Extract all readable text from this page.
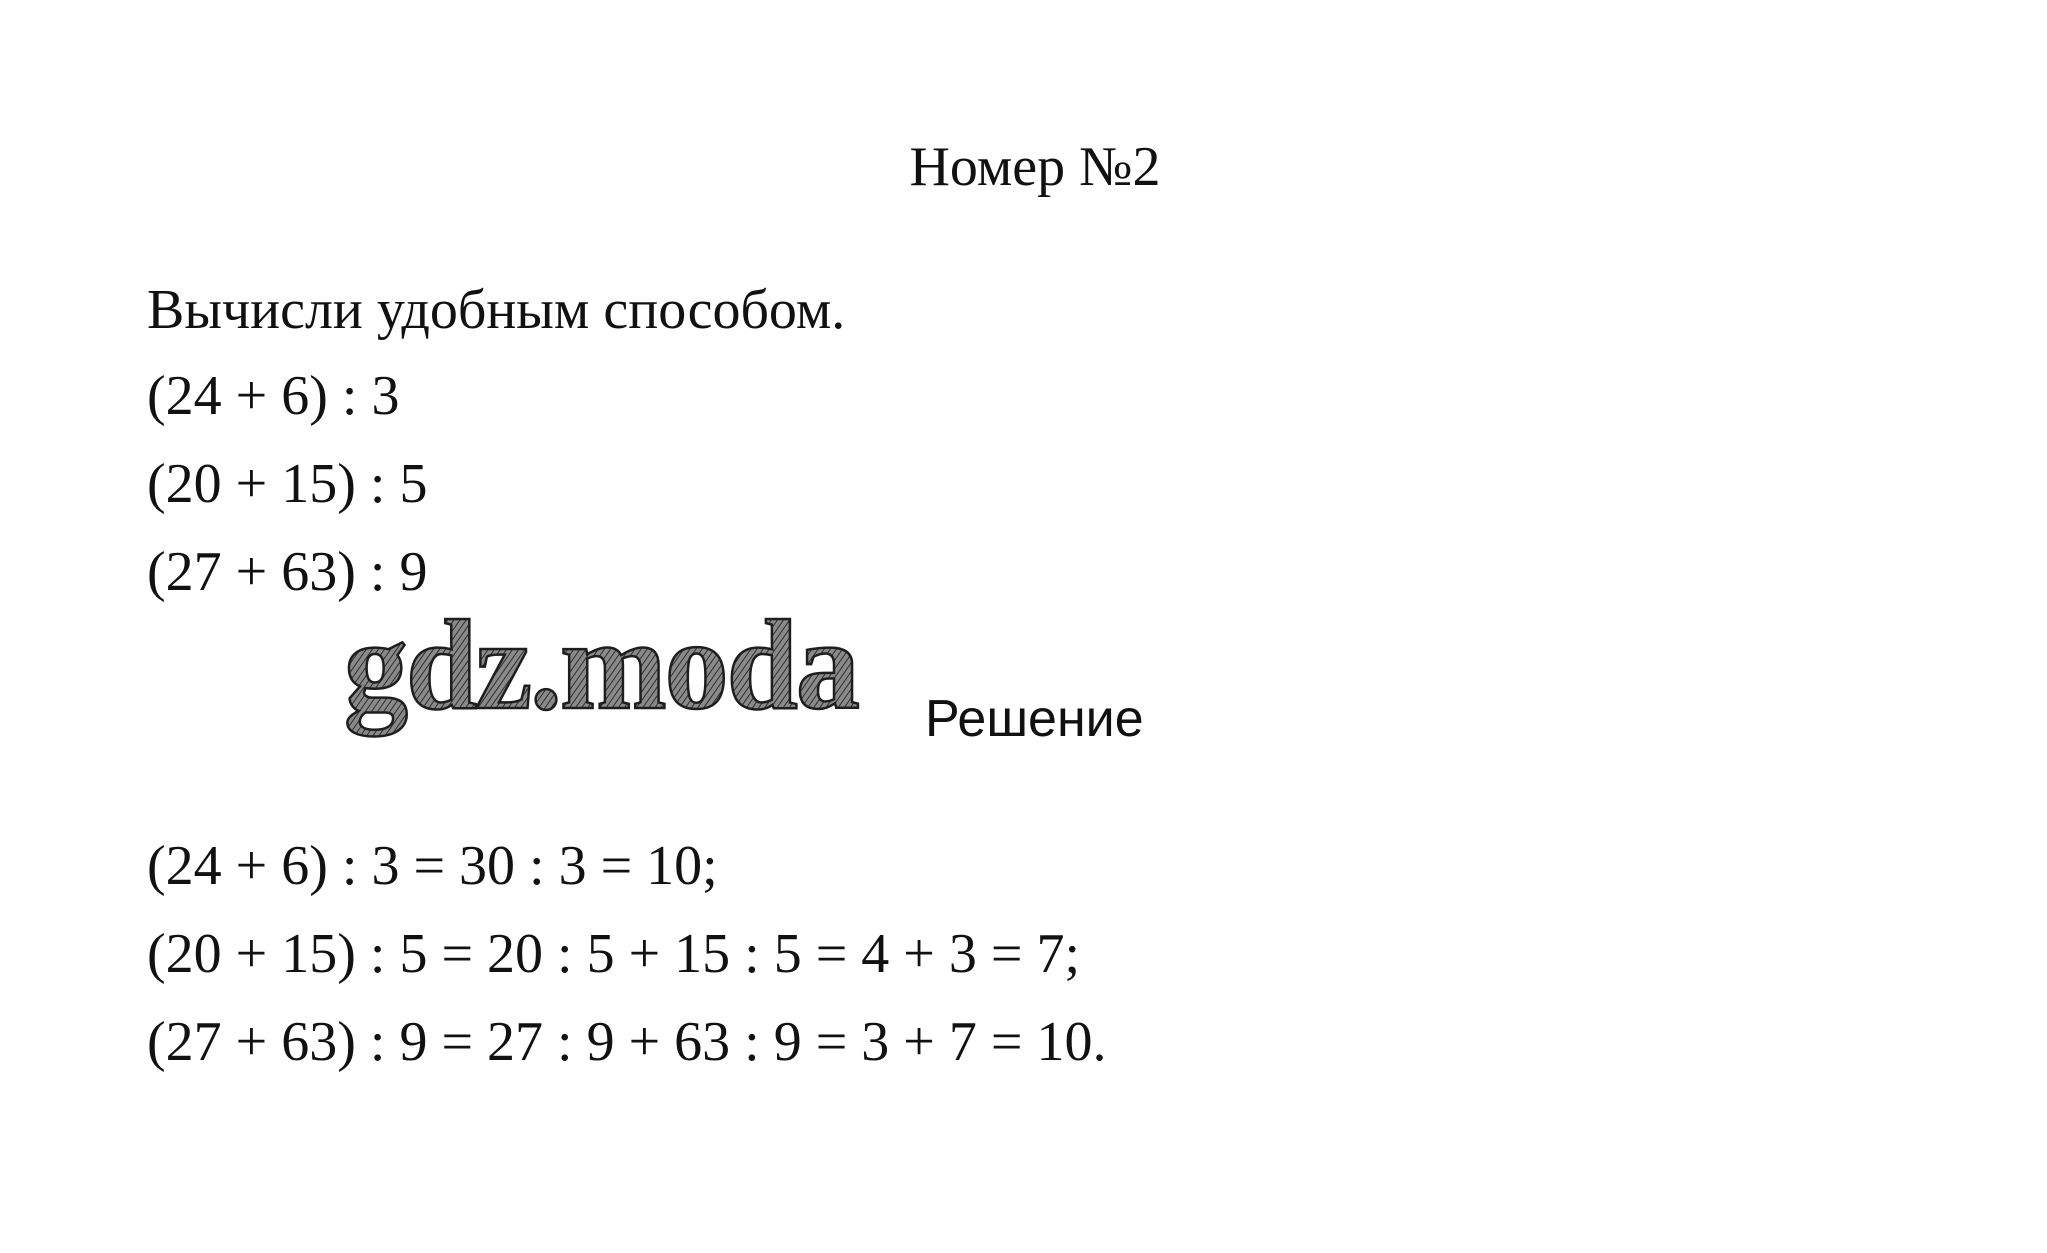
Номер №2
Вычисли удобным способом.
(24 + 6) : 3
(20 + 15) : 5
(27 + 63) : 9
gdz.moda Решение
(24 + 6) : 3 = 30 : 3 = 10;
(20 + 15) : 5 = 20 : 5 + 15 : 5 = 4 + 3 = 7;
(27 + 63) : 9 = 27 : 9 + 63 : 9 = 3 + 7 = 10.
